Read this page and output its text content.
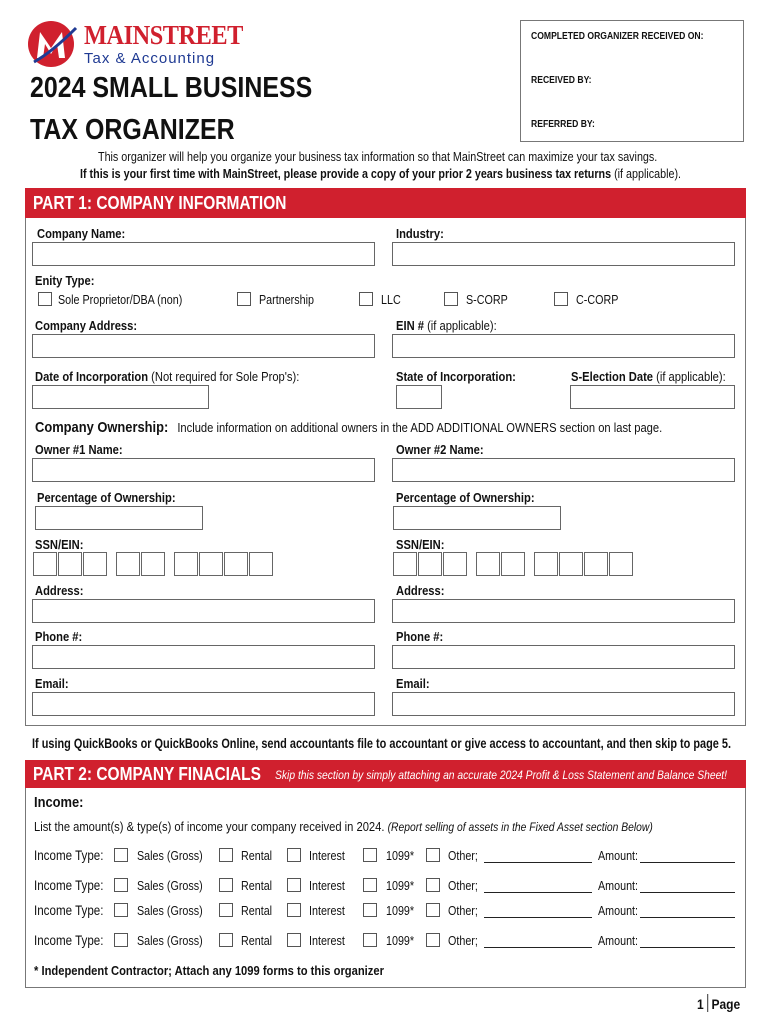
MAINSTREET
Tax & Accounting
2024 SMALL BUSINESS
TAX ORGANIZER
COMPLETED ORGANIZER RECEIVED ON:
RECEIVED BY:
REFERRED BY:
This organizer will help you organize your business tax information so that MainStreet can maximize your tax savings.
If this is your first time with MainStreet, please provide a copy of your prior 2 years business tax returns (if applicable).
PART 1: COMPANY INFORMATION
Company Name:	Industry:
Enity Type:
Sole Proprietor/DBA (non)	Partnership	LLC	S-CORP	C-CORP
Company Address:	EIN # (if applicable):
Date of Incorporation (Not required for Sole Prop's):	State of Incorporation:	S-Election Date (if applicable):
Company Ownership: Include information on additional owners in the ADD ADDITIONAL OWNERS section on last page.
Owner #1 Name:	Owner #2 Name:
Percentage of Ownership:	Percentage of Ownership:
SSN/EIN:	SSN/EIN:
Address:	Address:
Phone #:	Phone #:
Email:	Email:
If using QuickBooks or QuickBooks Online, send accountants file to accountant or give access to accountant, and then skip to page 5.
PART 2: COMPANY FINACIALS Skip this section by simply attaching an accurate 2024 Profit & Loss Statement and Balance Sheet!
Income:
List the amount(s) & type(s) of income your company received in 2024. (Report selling of assets in the Fixed Asset section Below)
Income Type:	Sales (Gross)	Rental	Interest	1099*	Other;	Amount:
Income Type:	Sales (Gross)	Rental	Interest	1099*	Other;	Amount:
Income Type:	Sales (Gross)	Rental	Interest	1099*	Other;	Amount:
Income Type:	Sales (Gross)	Rental	Interest	1099*	Other;	Amount:
* Independent Contractor; Attach any 1099 forms to this organizer
1 Page
